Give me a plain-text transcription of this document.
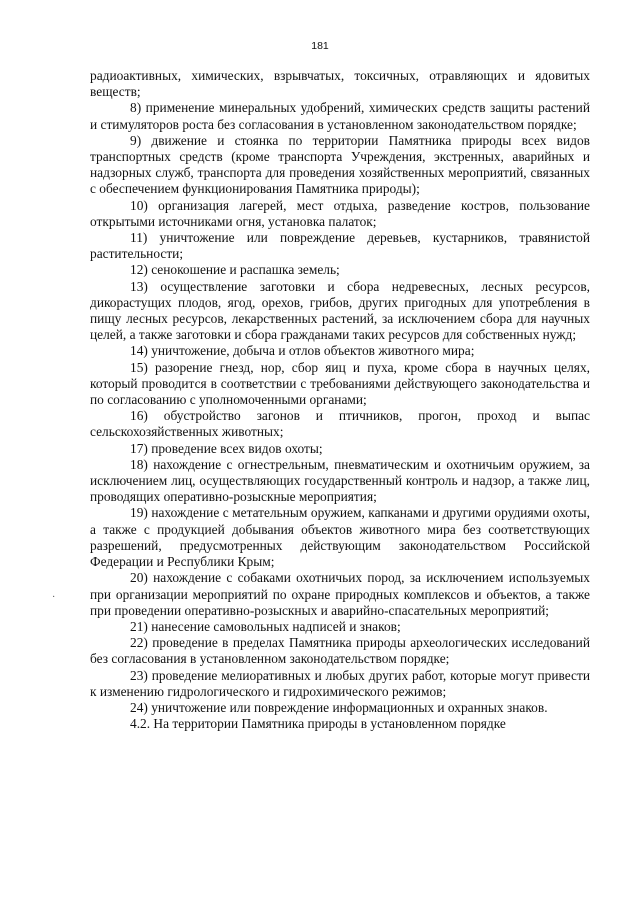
181
·

радиоактивных, химических, взрывчатых, токсичных, отравляющих и ядовитых веществ;

8) применение минеральных удобрений, химических средств защиты растений и стимуляторов роста без согласования в установленном законодательством порядке;

9) движение и стоянка по территории Памятника природы всех видов транспортных средств (кроме транспорта Учреждения, экстренных, аварийных и надзорных служб, транспорта для проведения хозяйственных мероприятий, связанных с обеспечением функционирования Памятника природы);

10) организация лагерей, мест отдыха, разведение костров, пользование открытыми источниками огня, установка палаток;

11) уничтожение или повреждение деревьев, кустарников, травянистой растительности;

12) сенокошение и распашка земель;

13) осуществление заготовки и сбора недревесных, лесных ресурсов, дикорастущих плодов, ягод, орехов, грибов, других пригодных для употребления в пищу лесных ресурсов, лекарственных растений, за исключением сбора для научных целей, а также заготовки и сбора гражданами таких ресурсов для собственных нужд;

14) уничтожение, добыча и отлов объектов животного мира;

15) разорение гнезд, нор, сбор яиц и пуха, кроме сбора в научных целях, который проводится в соответствии с требованиями действующего законодательства и по согласованию с уполномоченными органами;

16) обустройство загонов и птичников, прогон, проход и выпас сельскохозяйственных животных;

17) проведение всех видов охоты;

18) нахождение с огнестрельным, пневматическим и охотничьим оружием, за исключением лиц, осуществляющих государственный контроль и надзор, а также лиц, проводящих оперативно-розыскные мероприятия;

19) нахождение с метательным оружием, капканами и другими орудиями охоты, а также с продукцией добывания объектов животного мира без соответствующих разрешений, предусмотренных действующим законодательством Российской Федерации и Республики Крым;

20) нахождение с собаками охотничьих пород, за исключением используемых при организации мероприятий по охране природных комплексов и объектов, а также при проведении оперативно-розыскных и аварийно-спасательных мероприятий;

21) нанесение самовольных надписей и знаков;

22) проведение в пределах Памятника природы археологических исследований без согласования в установленном законодательством порядке;

23) проведение мелиоративных и любых других работ, которые могут привести к изменению гидрологического и гидрохимического режимов;

24) уничтожение или повреждение информационных и охранных знаков.

4.2. На территории Памятника природы в установленном порядке
